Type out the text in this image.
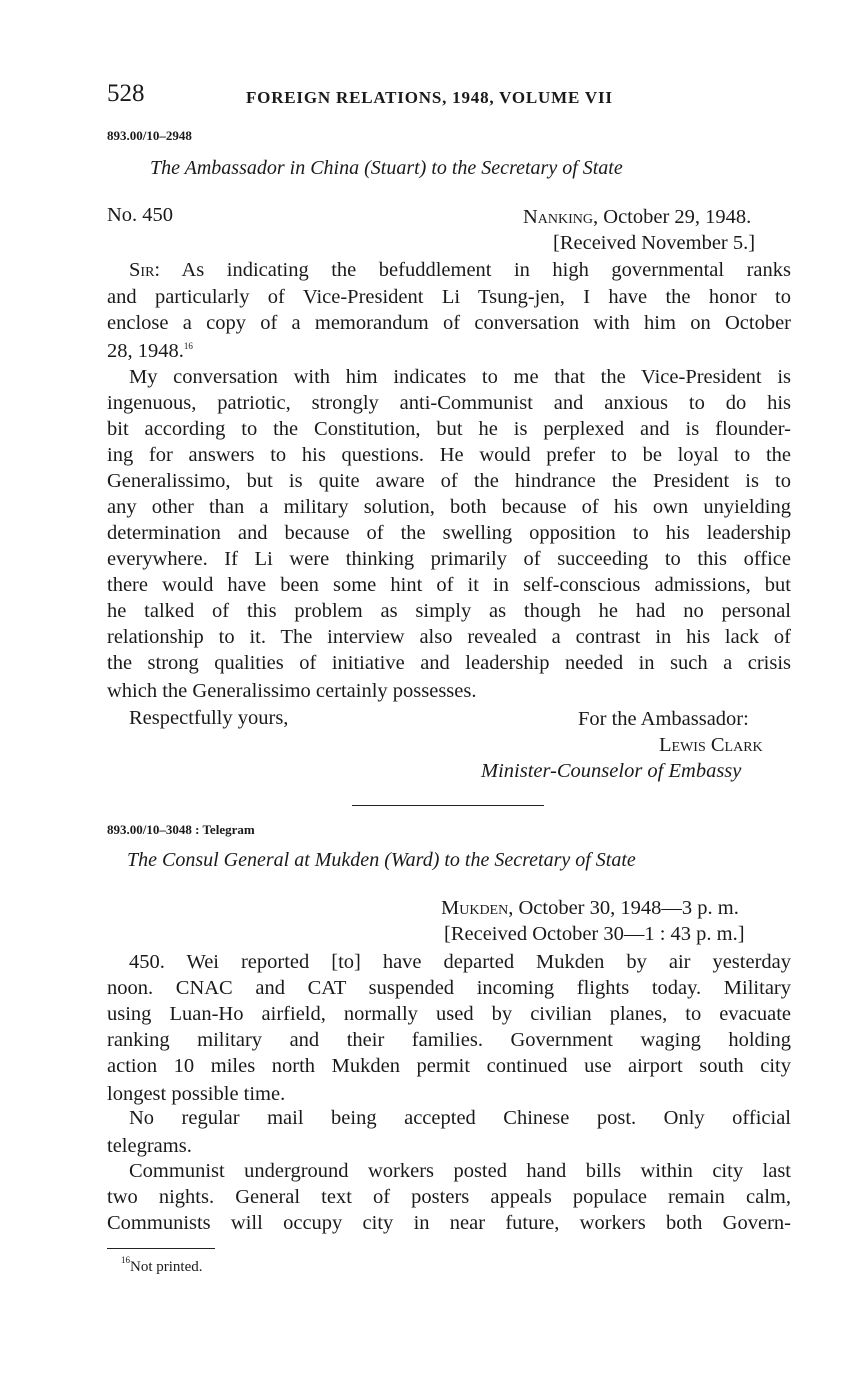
528	FOREIGN RELATIONS, 1948, VOLUME VII
893.00/10–2948
The Ambassador in China (Stuart) to the Secretary of State
No. 450	Nanking, October 29, 1948.
[Received November 5.]
Sir: As indicating the befuddlement in high governmental ranks
and particularly of Vice-President Li Tsung-jen, I have the honor to
enclose a copy of a memorandum of conversation with him on October
28, 1948.16
My conversation with him indicates to me that the Vice-President is
ingenuous, patriotic, strongly anti-Communist and anxious to do his
bit according to the Constitution, but he is perplexed and is flounder-
ing for answers to his questions. He would prefer to be loyal to the
Generalissimo, but is quite aware of the hindrance the President is to
any other than a military solution, both because of his own unyielding
determination and because of the swelling opposition to his leadership
everywhere. If Li were thinking primarily of succeeding to this office
there would have been some hint of it in self-conscious admissions, but
he talked of this problem as simply as though he had no personal
relationship to it. The interview also revealed a contrast in his lack of
the strong qualities of initiative and leadership needed in such a crisis
which the Generalissimo certainly possesses.
Respectfully yours,	For the Ambassador:
Lewis Clark
Minister-Counselor of Embassy
893.00/10–3048 : Telegram
The Consul General at Mukden (Ward) to the Secretary of State
Mukden, October 30, 1948—3 p. m.
[Received October 30—1 : 43 p. m.]
450. Wei reported [to] have departed Mukden by air yesterday
noon. CNAC and CAT suspended incoming flights today. Military
using Luan-Ho airfield, normally used by civilian planes, to evacuate
ranking military and their families. Government waging holding
action 10 miles north Mukden permit continued use airport south city
longest possible time.
No regular mail being accepted Chinese post. Only official
telegrams.
Communist underground workers posted hand bills within city last
two nights. General text of posters appeals populace remain calm,
Communists will occupy city in near future, workers both Govern-
$^{16}$Not printed.
